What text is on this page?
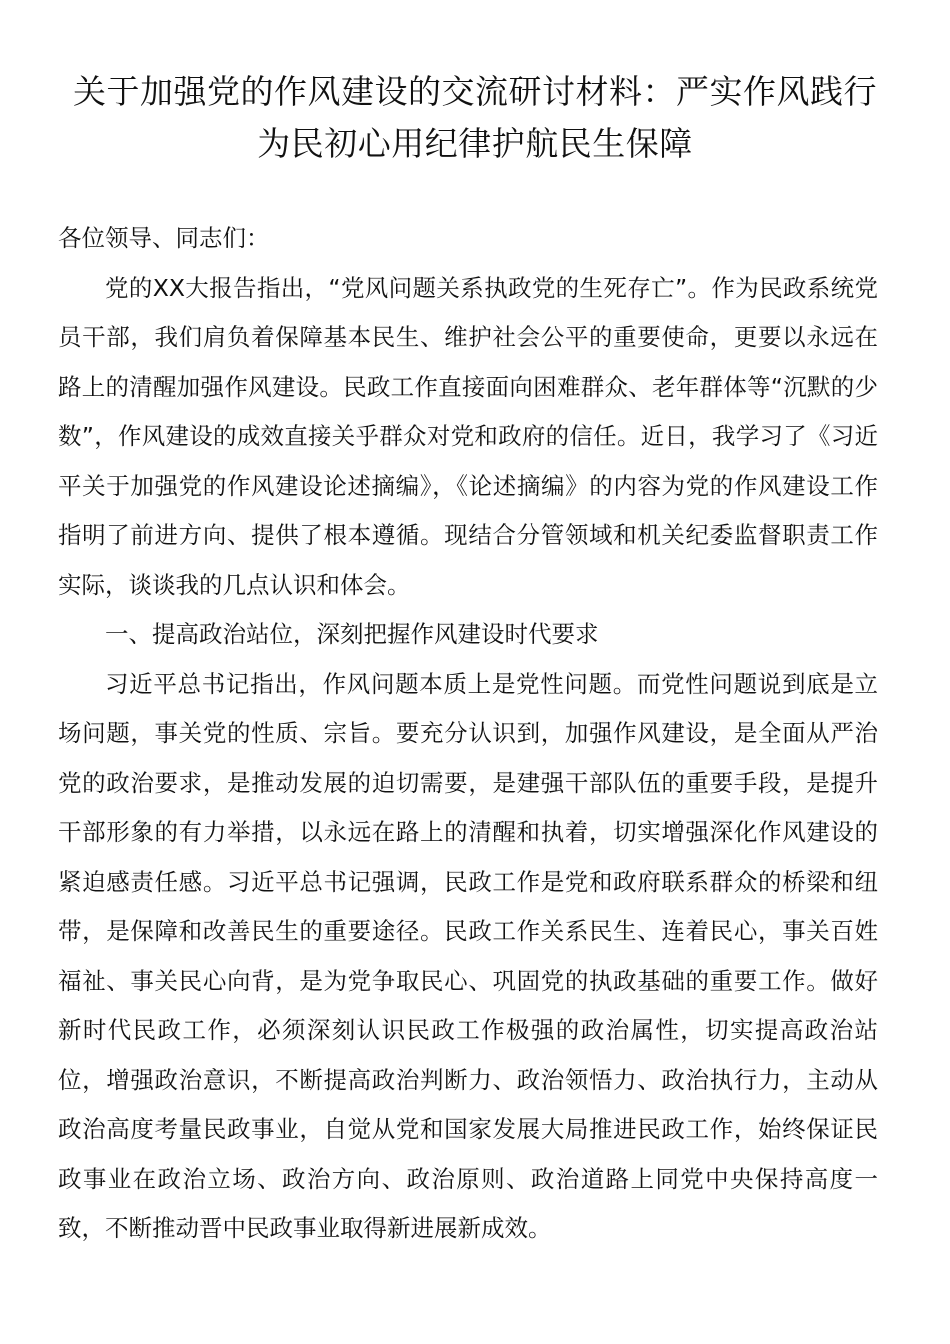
关于加强党的作风建设的交流研讨材料：严实作风践行为民初心用纪律护航民生保障

各位领导、同志们：

党的XX大报告指出，“党风问题关系执政党的生死存亡”。作为民政系统党员干部，我们肩负着保障基本民生、维护社会公平的重要使命，更要以永远在路上的清醒加强作风建设。民政工作直接面向困难群众、老年群体等“沉默的少数”，作风建设的成效直接关乎群众对党和政府的信任。近日，我学习了《习近平关于加强党的作风建设论述摘编》，《论述摘编》的内容为党的作风建设工作指明了前进方向、提供了根本遵循。现结合分管领域和机关纪委监督职责工作实际，谈谈我的几点认识和体会。

一、提高政治站位，深刻把握作风建设时代要求

习近平总书记指出，作风问题本质上是党性问题。而党性问题说到底是立场问题，事关党的性质、宗旨。要充分认识到，加强作风建设，是全面从严治党的政治要求，是推动发展的迫切需要，是建强干部队伍的重要手段，是提升干部形象的有力举措，以永远在路上的清醒和执着，切实增强深化作风建设的紧迫感责任感。习近平总书记强调，民政工作是党和政府联系群众的桥梁和纽带，是保障和改善民生的重要途径。民政工作关系民生、连着民心，事关百姓福祉、事关民心向背，是为党争取民心、巩固党的执政基础的重要工作。做好新时代民政工作，必须深刻认识民政工作极强的政治属性，切实提高政治站位，增强政治意识，不断提高政治判断力、政治领悟力、政治执行力，主动从政治高度考量民政事业，自觉从党和国家发展大局推进民政工作，始终保证民政事业在政治立场、政治方向、政治原则、政治道路上同党中央保持高度一致，不断推动晋中民政事业取得新进展新成效。
